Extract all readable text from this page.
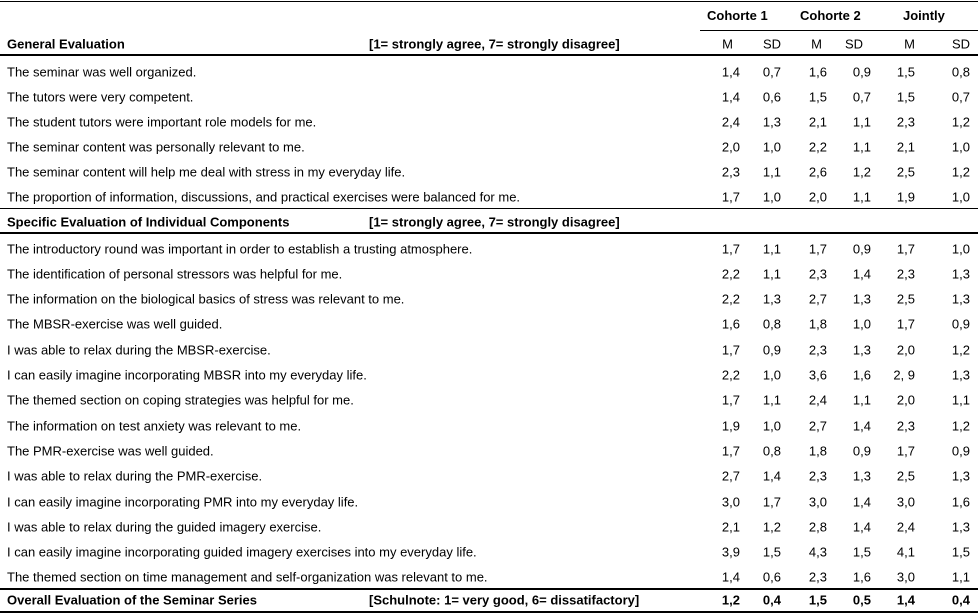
Cohorte 1 Cohorte 2	Jointly
General Evaluation	[1= strongly agree, 7= strongly disagree]	M SD M SD	M	SD
The seminar was well organized.	1,4 0,7 1,6 0,9 1,5	0,8
The tutors were very competent.	1,4 0,6 1,5 0,7 1,5	0,7
The student tutors were important role models for me.	2,4 1,3 2,1 1,1 2,3	1,2
The seminar content was personally relevant to me.	2,0 1,0 2,2 1,1 2,1	1,0
The seminar content will help me deal with stress in my everyday life.	2,3 1,1 2,6 1,2 2,5	1,2
The proportion of information, discussions, and practical exercises were balanced for me.	1,7 1,0 2,0 1,1 1,9	1,0
Specific Evaluation of Individual Components	[1= strongly agree, 7= strongly disagree]
The introductory round was important in order to establish a trusting atmosphere.	1,7 1,1 1,7 0,9 1,7	1,0
The identification of personal stressors was helpful for me.	2,2 1,1 2,3 1,4 2,3	1,3
The information on the biological basics of stress was relevant to me.	2,2 1,3 2,7 1,3 2,5	1,3
The MBSR-exercise was well guided.	1,6 0,8 1,8 1,0 1,7	0,9
I was able to relax during the MBSR-exercise.	1,7 0,9 2,3 1,3 2,0	1,2
I can easily imagine incorporating MBSR into my everyday life.	2,2 1,0 3,6 1,6 2, 9	1,3
The themed section on coping strategies was helpful for me.	1,7 1,1 2,4 1,1 2,0	1,1
The information on test anxiety was relevant to me.	1,9 1,0 2,7 1,4 2,3	1,2
The PMR-exercise was well guided.	1,7 0,8 1,8 0,9 1,7	0,9
I was able to relax during the PMR-exercise.	2,7 1,4 2,3 1,3 2,5	1,3
I can easily imagine incorporating PMR into my everyday life.	3,0 1,7 3,0 1,4 3,0	1,6
I was able to relax during the guided imagery exercise.	2,1 1,2 2,8 1,4 2,4	1,3
I can easily imagine incorporating guided imagery exercises into my everyday life.	3,9 1,5 4,3 1,5 4,1	1,5
The themed section on time management and self-organization was relevant to me.	1,4 0,6 2,3 1,6 3,0	1,1
Overall Evaluation of the Seminar Series	[Schulnote: 1= very good, 6= dissatifactory]	1,2 0,4 1,5 0,5 1,4	0,4
